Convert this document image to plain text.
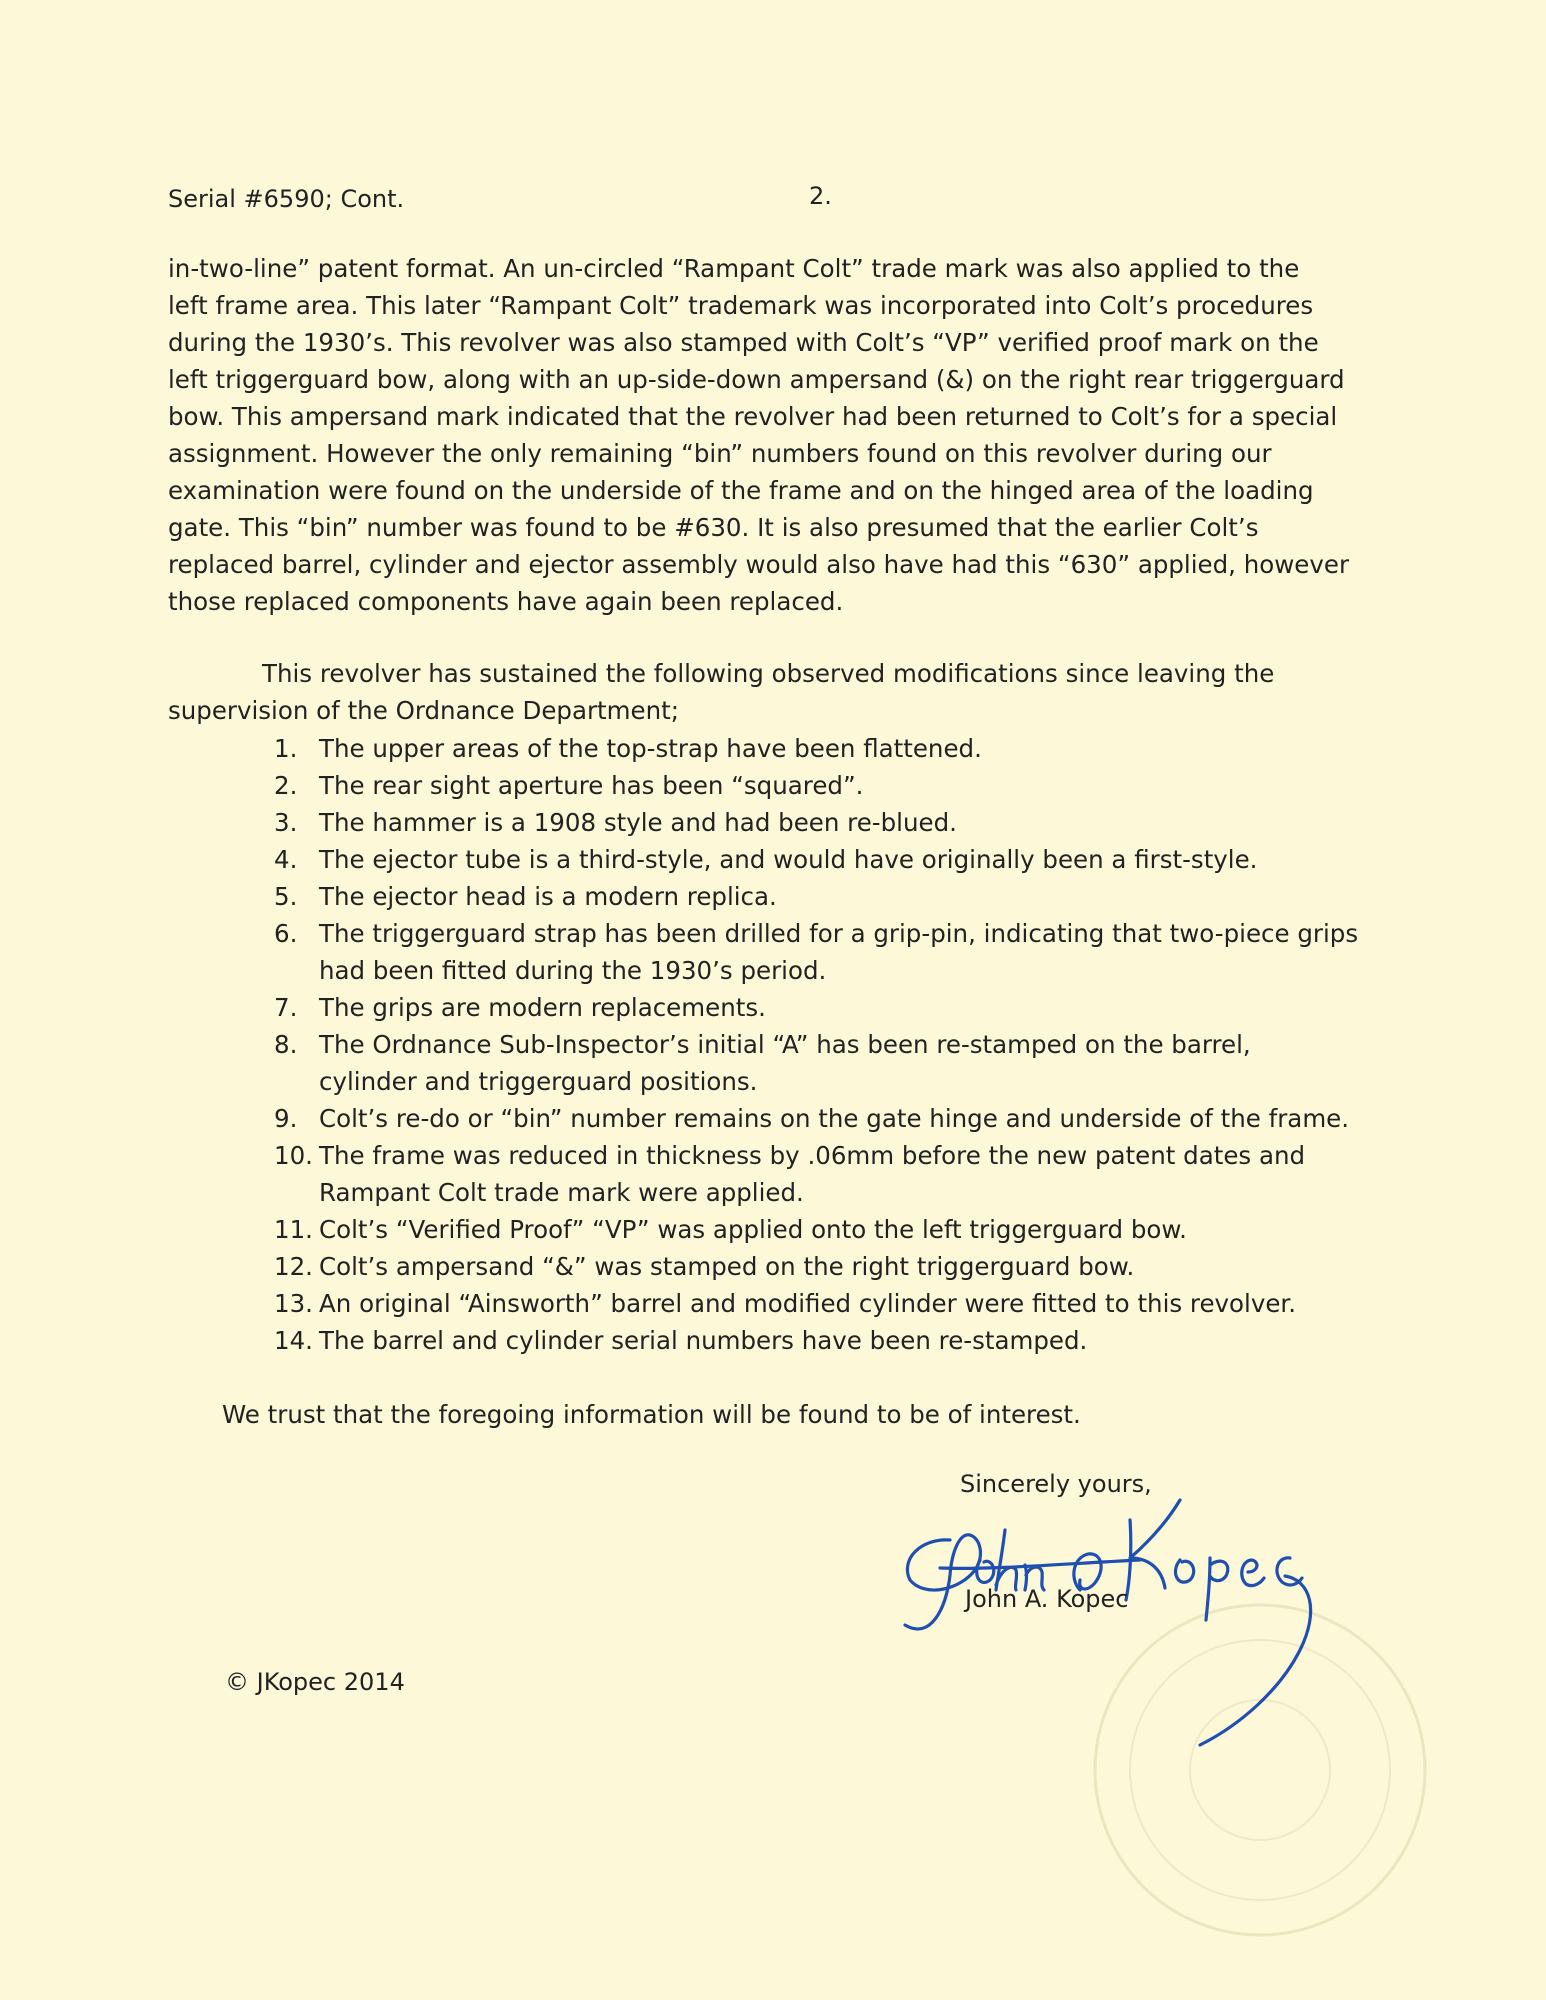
Serial #6590; Cont.	2.
in-two-line” patent format. An un-circled “Rampant Colt” trade mark was also applied to the
left frame area. This later “Rampant Colt” trademark was incorporated into Colt’s procedures
during the 1930’s. This revolver was also stamped with Colt’s “VP” verified proof mark on the
left triggerguard bow, along with an up-side-down ampersand (&) on the right rear triggerguard
bow. This ampersand mark indicated that the revolver had been returned to Colt’s for a special
assignment. However the only remaining “bin” numbers found on this revolver during our
examination were found on the underside of the frame and on the hinged area of the loading
gate. This “bin” number was found to be #630. It is also presumed that the earlier Colt’s
replaced barrel, cylinder and ejector assembly would also have had this “630” applied, however
those replaced components have again been replaced.
This revolver has sustained the following observed modifications since leaving the
supervision of the Ordnance Department;
1. The upper areas of the top-strap have been flattened.
2. The rear sight aperture has been “squared”.
3. The hammer is a 1908 style and had been re-blued.
4. The ejector tube is a third-style, and would have originally been a first-style.
5. The ejector head is a modern replica.
6. The triggerguard strap has been drilled for a grip-pin, indicating that two-piece grips
had been fitted during the 1930’s period.
7. The grips are modern replacements.
8. The Ordnance Sub-Inspector’s initial “A” has been re-stamped on the barrel,
cylinder and triggerguard positions.
9. Colt’s re-do or “bin” number remains on the gate hinge and underside of the frame.
10. The frame was reduced in thickness by .06mm before the new patent dates and
Rampant Colt trade mark were applied.
11. Colt’s “Verified Proof” “VP” was applied onto the left triggerguard bow.
12. Colt’s ampersand “&” was stamped on the right triggerguard bow.
13. An original “Ainsworth” barrel and modified cylinder were fitted to this revolver.
14. The barrel and cylinder serial numbers have been re-stamped.
We trust that the foregoing information will be found to be of interest.
Sincerely yours,
John A. Kopec
© JKopec 2014
